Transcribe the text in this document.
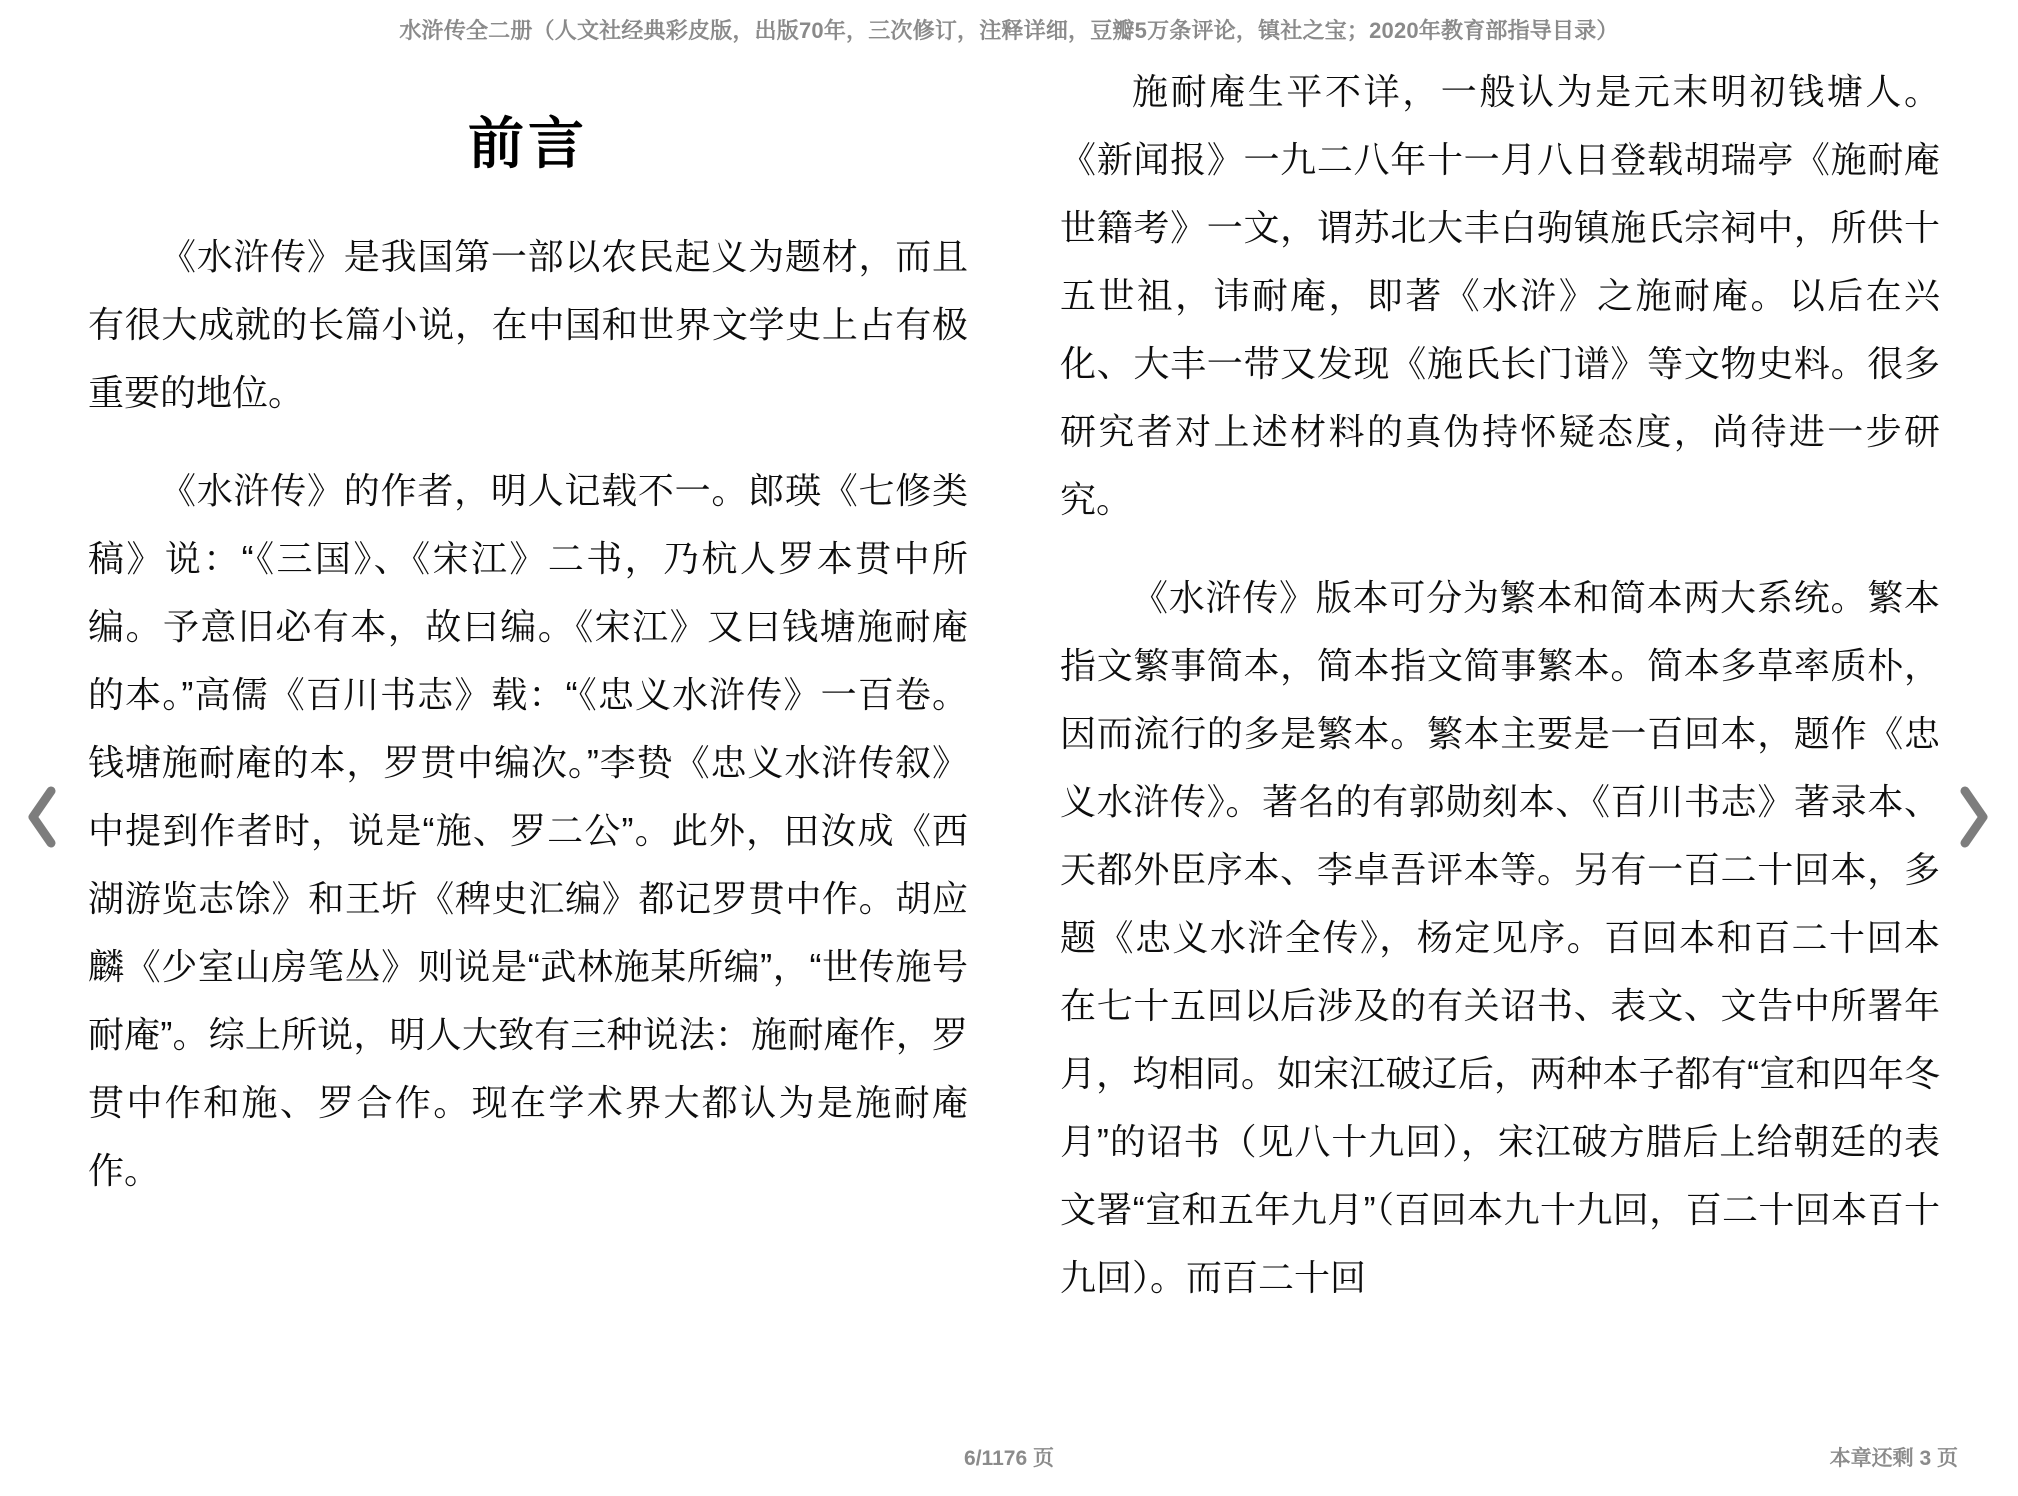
水浒传全二册（人文社经典彩皮版，出版70年，三次修订，注释详细，豆瓣5万条评论，镇社之宝；2020年教育部指导目录）
前言

《水浒传》是我国第一部以农民起义为题材，而且有很大成就的长篇小说，在中国和世界文学史上占有极重要的地位。

《水浒传》的作者，明人记载不一。郎瑛《七修类稿》说：“《三国》、《宋江》二书，乃杭人罗本贯中所编。予意旧必有本，故曰编。《宋江》又曰钱塘施耐庵的本。”高儒《百川书志》载：“《忠义水浒传》一百卷。钱塘施耐庵的本，罗贯中编次。”李贽《忠义水浒传叙》中提到作者时，说是“施、罗二公”。此外，田汝成《西湖游览志馀》和王圻《稗史汇编》都记罗贯中作。胡应麟《少室山房笔丛》则说是“武林施某所编”，“世传施号耐庵”。综上所说，明人大致有三种说法：施耐庵作，罗贯中作和施、罗合作。现在学术界大都认为是施耐庵作。

施耐庵生平不详，一般认为是元末明初钱塘人。《新闻报》一九二八年十一月八日登载胡瑞亭《施耐庵世籍考》一文，谓苏北大丰白驹镇施氏宗祠中，所供十五世祖，讳耐庵，即著《水浒》之施耐庵。以后在兴化、大丰一带又发现《施氏长门谱》等文物史料。很多研究者对上述材料的真伪持怀疑态度，尚待进一步研究。

《水浒传》版本可分为繁本和简本两大系统。繁本指文繁事简本，简本指文简事繁本。简本多草率质朴，因而流行的多是繁本。繁本主要是一百回本，题作《忠义水浒传》。著名的有郭勋刻本、《百川书志》著录本、天都外臣序本、李卓吾评本等。另有一百二十回本，多题《忠义水浒全传》，杨定见序。百回本和百二十回本在七十五回以后涉及的有关诏书、表文、文告中所署年月，均相同。如宋江破辽后，两种本子都有“宣和四年冬月”的诏书（见八十九回），宋江破方腊后上给朝廷的表文署“宣和五年九月”（百回本九十九回，百二十回本百十九回）。而百二十回

6/1176 页	本章还剩 3 页
